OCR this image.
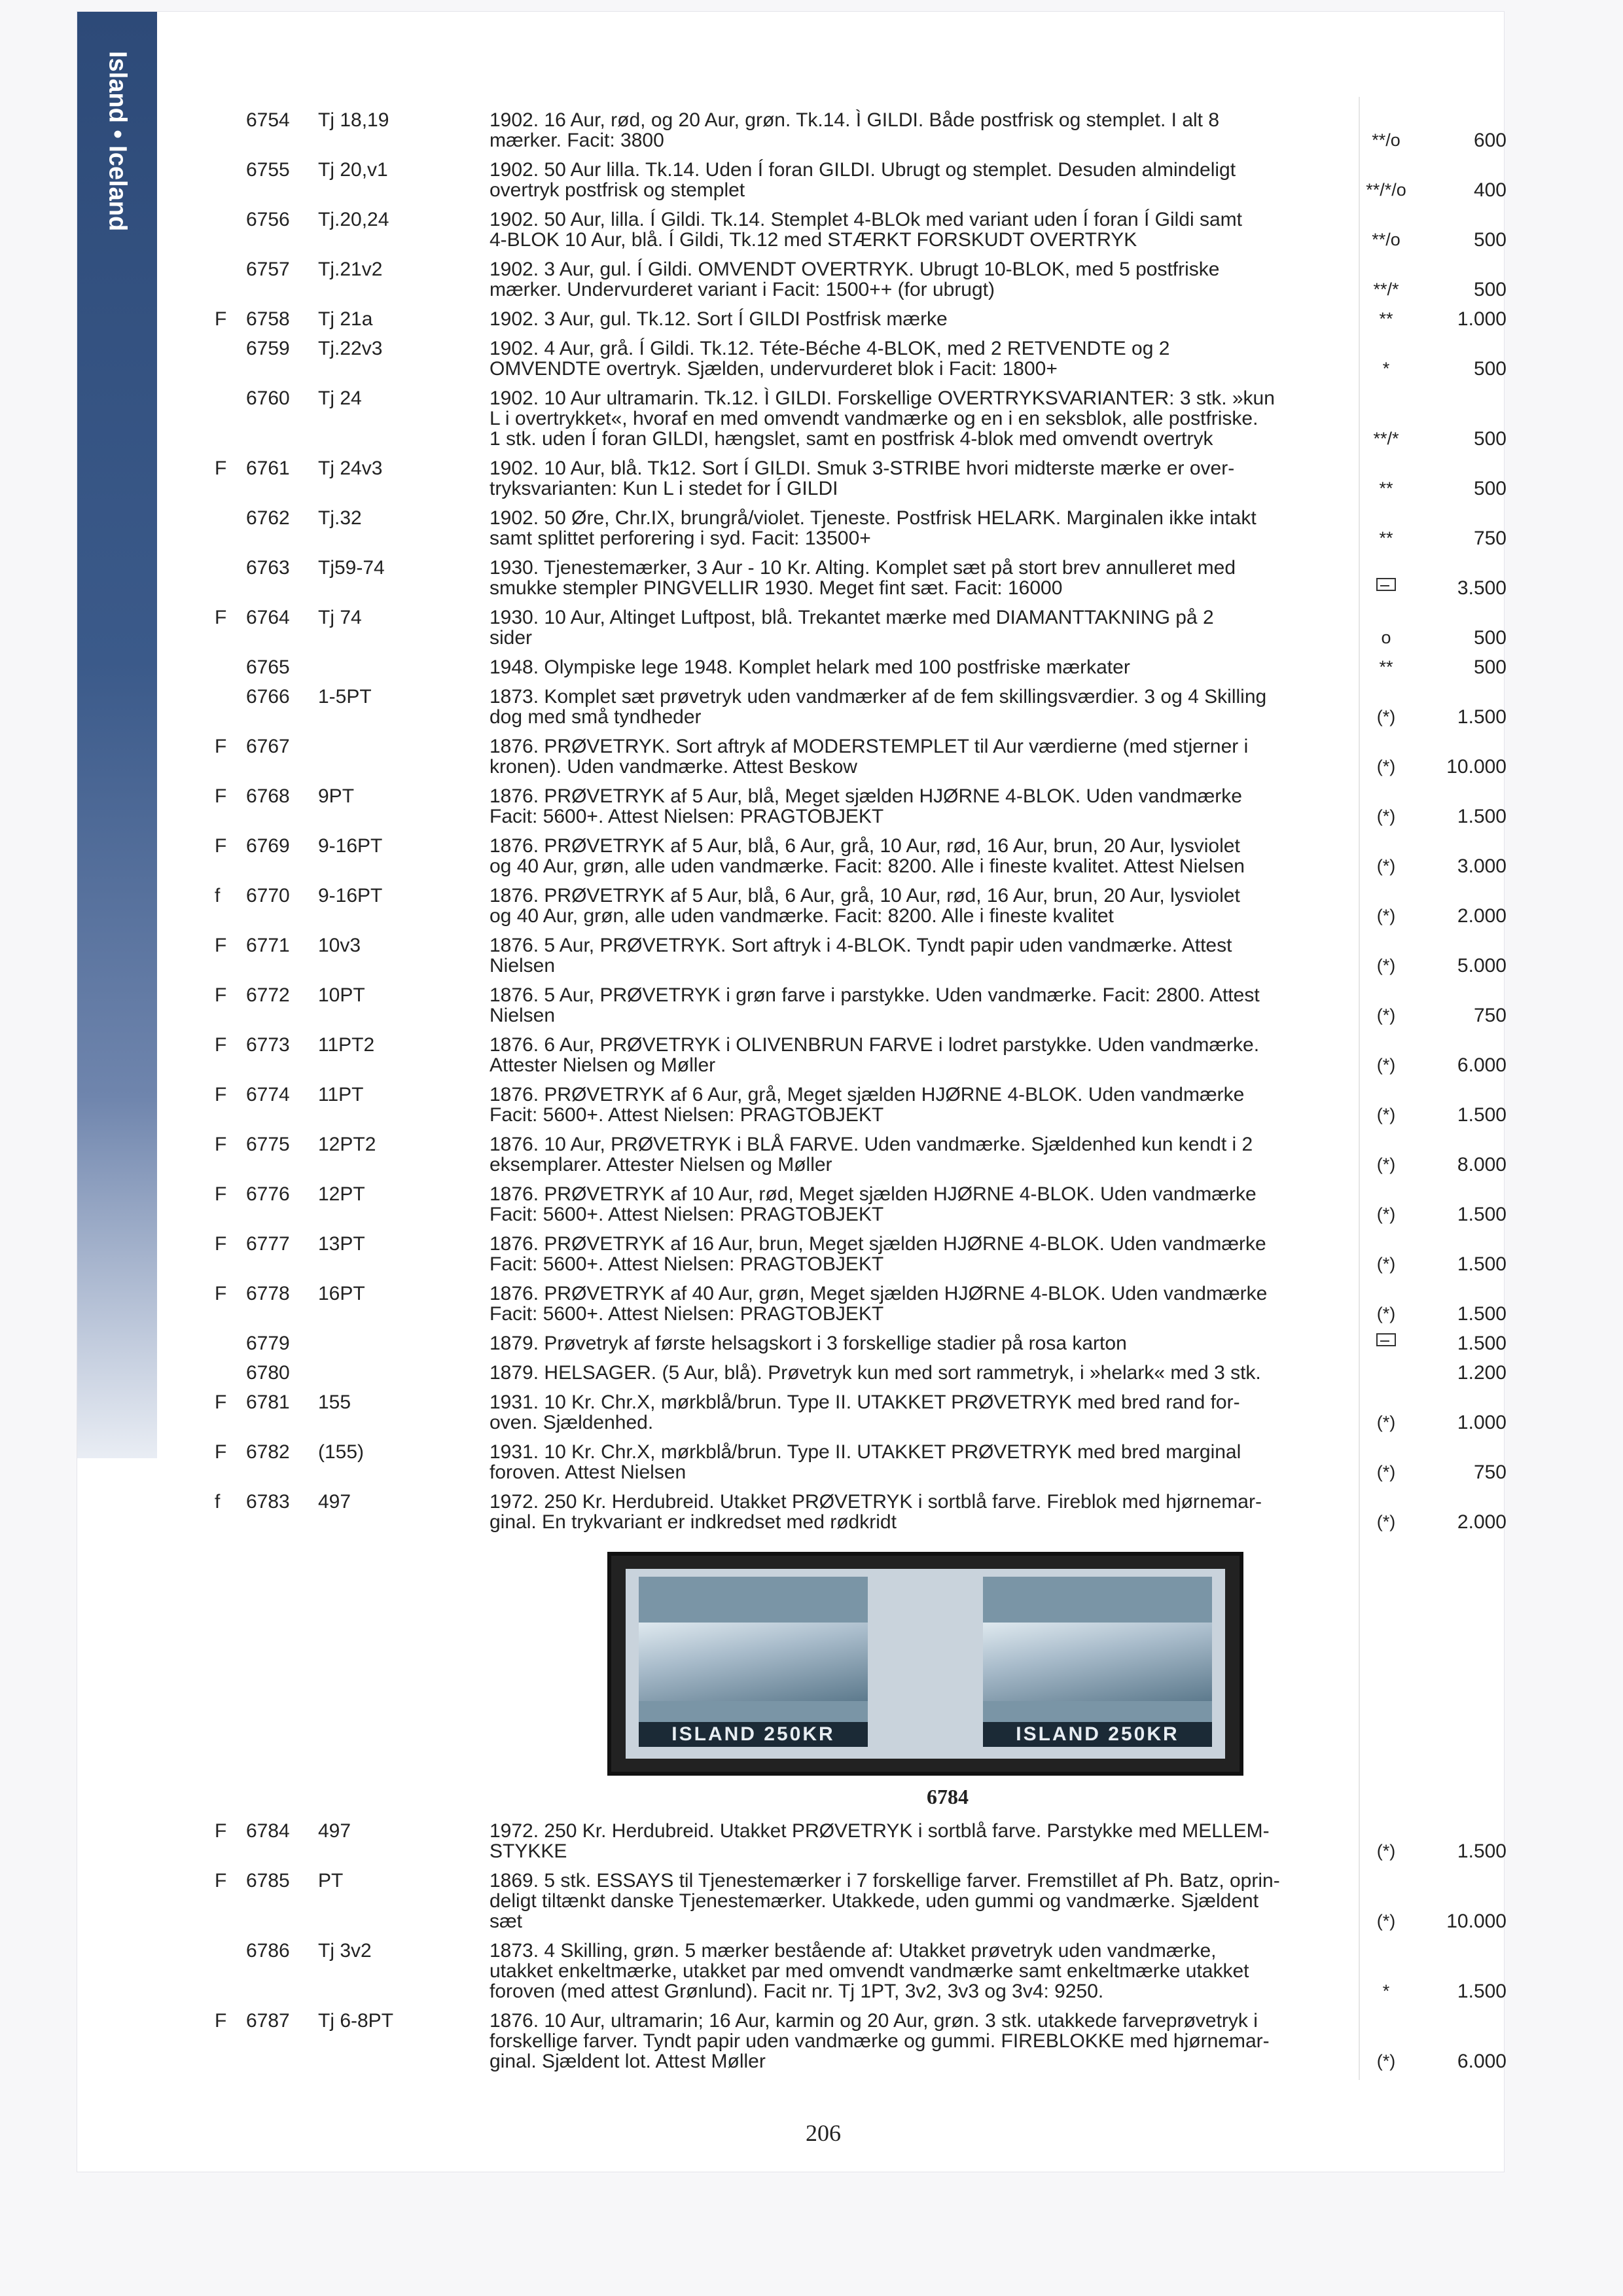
Island • Iceland	6754	Tj 18,19	1902. 16 Aur, rød, og 20 Aur, grøn. Tk.14. Ì GILDI. Både postfrisk og stemplet. I alt 8
mærker. Facit: 3800	**/o	600
6755	Tj 20,v1	1902. 50 Aur lilla. Tk.14. Uden Í foran GILDI. Ubrugt og stemplet. Desuden almindeligt
overtryk postfrisk og stemplet	**/*/o	400
6756	Tj.20,24	1902. 50 Aur, lilla. Í Gildi. Tk.14. Stemplet 4-BLOk med variant uden Í foran Í Gildi samt
4-BLOK 10 Aur, blå. Í Gildi, Tk.12 med STÆRKT FORSKUDT OVERTRYK	**/o	500
6757	Tj.21v2	1902. 3 Aur, gul. Í Gildi. OMVENDT OVERTRYK. Ubrugt 10-BLOK, med 5 postfriske
mærker. Undervurderet variant i Facit: 1500++ (for ubrugt)	**/*	500
F 6758	Tj 21a	1902. 3 Aur, gul. Tk.12. Sort Í GILDI Postfrisk mærke	**	1.000
6759	Tj.22v3	1902. 4 Aur, grå. Í Gildi. Tk.12. Téte-Béche 4-BLOK, med 2 RETVENDTE og 2
OMVENDTE overtryk. Sjælden, undervurderet blok i Facit: 1800+	*	500
6760	Tj 24	1902. 10 Aur ultramarin. Tk.12. Ì GILDI. Forskellige OVERTRYKSVARIANTER: 3 stk. »kun
L i overtrykket«, hvoraf en med omvendt vandmærke og en i en seksblok, alle postfriske.
1 stk. uden Í foran GILDI, hængslet, samt en postfrisk 4-blok med omvendt overtryk	**/*	500
F 6761	Tj 24v3	1902. 10 Aur, blå. Tk12. Sort Í GILDI. Smuk 3-STRIBE hvori midterste mærke er over-
tryksvarianten: Kun L i stedet for Í GILDI	**	500
6762	Tj.32	1902. 50 Øre, Chr.IX, brungrå/violet. Tjeneste. Postfrisk HELARK. Marginalen ikke intakt
samt splittet perforering i syd. Facit: 13500+	**	750
6763	Tj59-74	1930. Tjenestemærker, 3 Aur - 10 Kr. Alting. Komplet sæt på stort brev annulleret med
smukke stempler PINGVELLIR 1930. Meget fint sæt. Facit: 16000	3.500
F 6764	Tj 74	1930. 10 Aur, Altinget Luftpost, blå. Trekantet mærke med DIAMANTTAKNING på 2
sider	o	500
6765	1948. Olympiske lege 1948. Komplet helark med 100 postfriske mærkater	**	500
6766	1-5PT	1873. Komplet sæt prøvetryk uden vandmærker af de fem skillingsværdier. 3 og 4 Skilling
dog med små tyndheder	(*)	1.500
F 6767	1876. PRØVETRYK. Sort aftryk af MODERSTEMPLET til Aur værdierne (med stjerner i
kronen). Uden vandmærke. Attest Beskow	(*)	10.000
F 6768	9PT	1876. PRØVETRYK af 5 Aur, blå, Meget sjælden HJØRNE 4-BLOK. Uden vandmærke
Facit: 5600+. Attest Nielsen: PRAGTOBJEKT	(*)	1.500
F 6769	9-16PT	1876. PRØVETRYK af 5 Aur, blå, 6 Aur, grå, 10 Aur, rød, 16 Aur, brun, 20 Aur, lysviolet
og 40 Aur, grøn, alle uden vandmærke. Facit: 8200. Alle i fineste kvalitet. Attest Nielsen	(*)	3.000
f	6770	9-16PT	1876. PRØVETRYK af 5 Aur, blå, 6 Aur, grå, 10 Aur, rød, 16 Aur, brun, 20 Aur, lysviolet
og 40 Aur, grøn, alle uden vandmærke. Facit: 8200. Alle i fineste kvalitet	(*)	2.000
F 6771	10v3	1876. 5 Aur, PRØVETRYK. Sort aftryk i 4-BLOK. Tyndt papir uden vandmærke. Attest
Nielsen	(*)	5.000
F 6772	10PT	1876. 5 Aur, PRØVETRYK i grøn farve i parstykke. Uden vandmærke. Facit: 2800. Attest
Nielsen	(*)	750
F 6773	11PT2	1876. 6 Aur, PRØVETRYK i OLIVENBRUN FARVE i lodret parstykke. Uden vandmærke.
Attester Nielsen og Møller	(*)	6.000
F 6774	11PT	1876. PRØVETRYK af 6 Aur, grå, Meget sjælden HJØRNE 4-BLOK. Uden vandmærke
Facit: 5600+. Attest Nielsen: PRAGTOBJEKT	(*)	1.500
F 6775	12PT2	1876. 10 Aur, PRØVETRYK i BLÅ FARVE. Uden vandmærke. Sjældenhed kun kendt i 2
eksemplarer. Attester Nielsen og Møller	(*)	8.000
F 6776	12PT	1876. PRØVETRYK af 10 Aur, rød, Meget sjælden HJØRNE 4-BLOK. Uden vandmærke
Facit: 5600+. Attest Nielsen: PRAGTOBJEKT	(*)	1.500
F 6777	13PT	1876. PRØVETRYK af 16 Aur, brun, Meget sjælden HJØRNE 4-BLOK. Uden vandmærke
Facit: 5600+. Attest Nielsen: PRAGTOBJEKT	(*)	1.500
F 6778	16PT	1876. PRØVETRYK af 40 Aur, grøn, Meget sjælden HJØRNE 4-BLOK. Uden vandmærke
Facit: 5600+. Attest Nielsen: PRAGTOBJEKT	(*)	1.500
6779	1879. Prøvetryk af første helsagskort i 3 forskellige stadier på rosa karton	1.500
6780	1879. HELSAGER. (5 Aur, blå). Prøvetryk kun med sort rammetryk, i »helark« med 3 stk.	1.200
F 6781	155	1931. 10 Kr. Chr.X, mørkblå/brun. Type II. UTAKKET PRØVETRYK med bred rand for-
oven. Sjældenhed.	(*)	1.000
F 6782	(155)	1931. 10 Kr. Chr.X, mørkblå/brun. Type II. UTAKKET PRØVETRYK med bred marginal
foroven. Attest Nielsen	(*)	750
f	6783	497	1972. 250 Kr. Herdubreid. Utakket PRØVETRYK i sortblå farve. Fireblok med hjørnemar-
ginal. En trykvariant er indkredset med rødkridt	(*)	2.000
ISLAND 250KR	ISLAND 250KR
6784
F 6784	497	1972. 250 Kr. Herdubreid. Utakket PRØVETRYK i sortblå farve. Parstykke med MELLEM-
STYKKE	(*)	1.500
F 6785	PT	1869. 5 stk. ESSAYS til Tjenestemærker i 7 forskellige farver. Fremstillet af Ph. Batz, oprin-
deligt tiltænkt danske Tjenestemærker. Utakkede, uden gummi og vandmærke. Sjældent
sæt	(*)	10.000
6786	Tj 3v2	1873. 4 Skilling, grøn. 5 mærker bestående af: Utakket prøvetryk uden vandmærke,
utakket enkeltmærke, utakket par med omvendt vandmærke samt enkeltmærke utakket
foroven (med attest Grønlund). Facit nr. Tj 1PT, 3v2, 3v3 og 3v4: 9250.	*	1.500
F 6787	Tj 6-8PT	1876. 10 Aur, ultramarin; 16 Aur, karmin og 20 Aur, grøn. 3 stk. utakkede farveprøvetryk i
forskellige farver. Tyndt papir uden vandmærke og gummi. FIREBLOKKE med hjørnemar-
ginal. Sjældent lot. Attest Møller	(*)	6.000
206
